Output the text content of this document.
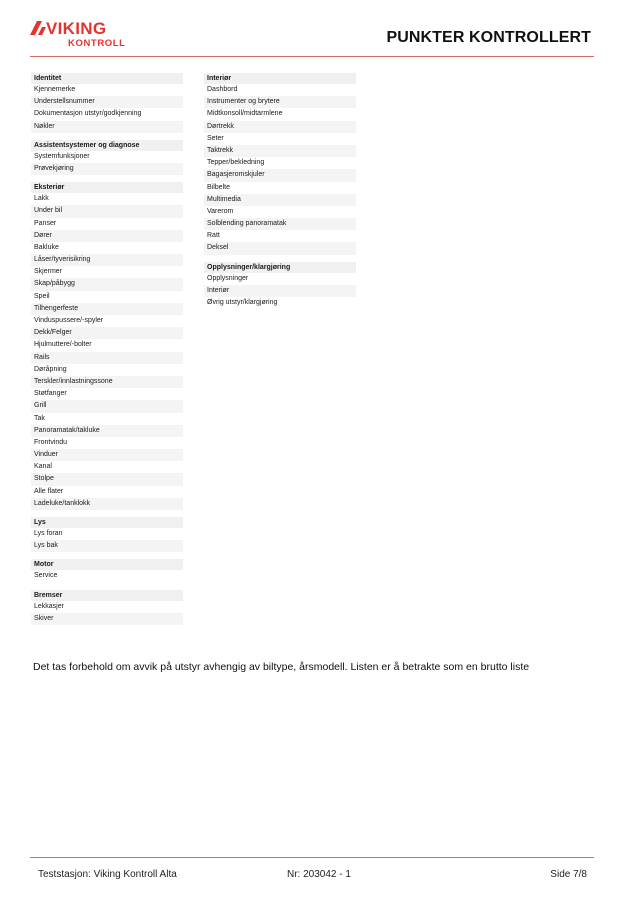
VIKING
KONTROLL	PUNKTER KONTROLLERT
Identitet
Kjennemerke
Understellsnummer
Dokumentasjon utstyr/godkjenning
Nøkler
Assistentsystemer og diagnose
Systemfunksjoner
Prøvekjøring
Eksteriør
Lakk
Under bil
Panser
Dører
Bakluke
Låser/tyverisikring
Skjermer
Skap/påbygg
Speil
Tilhengerfeste
Vinduspussere/-spyler
Dekk/Felger
Hjulmuttere/-bolter
Rails
Døråpning
Terskler/innlastningssone
Støtfanger
Grill
Tak
Panoramatak/takluke
Frontvindu
Vinduer
Kanal
Stolpe
Alle flater
Ladeluke/tanklokk
Lys
Lys foran
Lys bak
Motor
Service
Bremser
Lekkasjer
Skiver
Interiør
Dashbord
Instrumenter og brytere
Midtkonsoll/midtarmlene
Dørtrekk
Seter
Taktrekk
Tepper/bekledning
Bagasjeromskjuler
Bilbelte
Multimedia
Varerom
Solblending panoramatak
Ratt
Deksel
Opplysninger/klargjøring
Opplysninger
Interiør
Øvrig utstyr/klargjøring
Det tas forbehold om avvik på utstyr avhengig av biltype, årsmodell. Listen er å betrakte som en brutto liste
Teststasjon: Viking Kontroll Alta	Nr: 203042 - 1	Side 7/8
